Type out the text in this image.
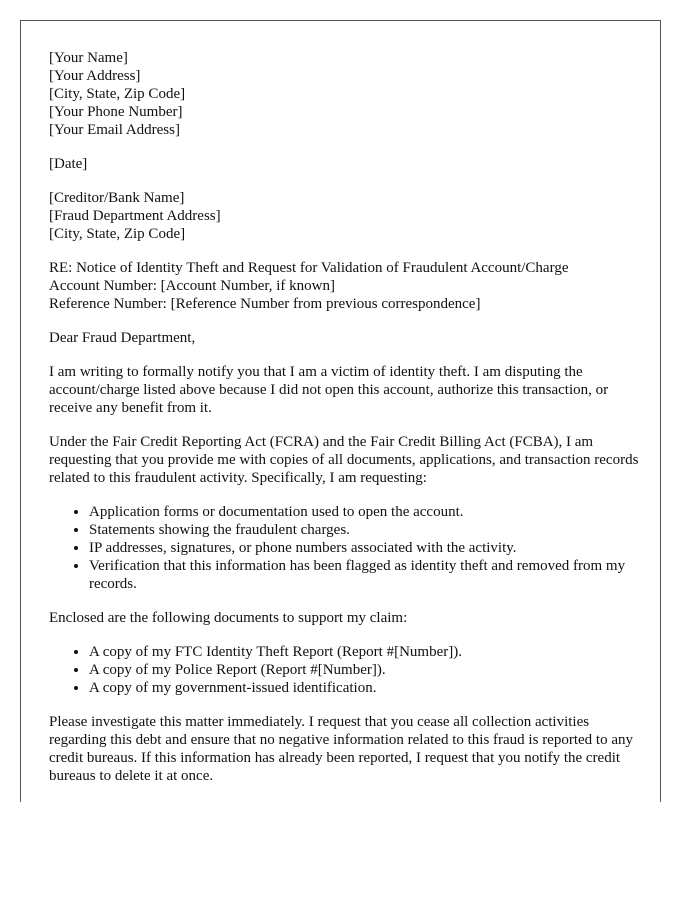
[Your Name]
[Your Address]
[City, State, Zip Code]
[Your Phone Number]
[Your Email Address]
[Date]
[Creditor/Bank Name]
[Fraud Department Address]
[City, State, Zip Code]
RE: Notice of Identity Theft and Request for Validation of Fraudulent Account/Charge
Account Number: [Account Number, if known]
Reference Number: [Reference Number from previous correspondence]

Dear Fraud Department,

I am writing to formally notify you that I am a victim of identity theft. I am disputing the account/charge listed above because I did not open this account, authorize this transaction, or receive any benefit from it.

Under the Fair Credit Reporting Act (FCRA) and the Fair Credit Billing Act (FCBA), I am requesting that you provide me with copies of all documents, applications, and transaction records related to this fraudulent activity. Specifically, I am requesting:

• Application forms or documentation used to open the account.
• Statements showing the fraudulent charges.
• IP addresses, signatures, or phone numbers associated with the activity.
• Verification that this information has been flagged as identity theft and removed from my records.

Enclosed are the following documents to support my claim:

• A copy of my FTC Identity Theft Report (Report #[Number]).
• A copy of my Police Report (Report #[Number]).
• A copy of my government-issued identification.

Please investigate this matter immediately. I request that you cease all collection activities regarding this debt and ensure that no negative information related to this fraud is reported to any credit bureaus. If this information has already been reported, I request that you notify the credit bureaus to delete it at once.
